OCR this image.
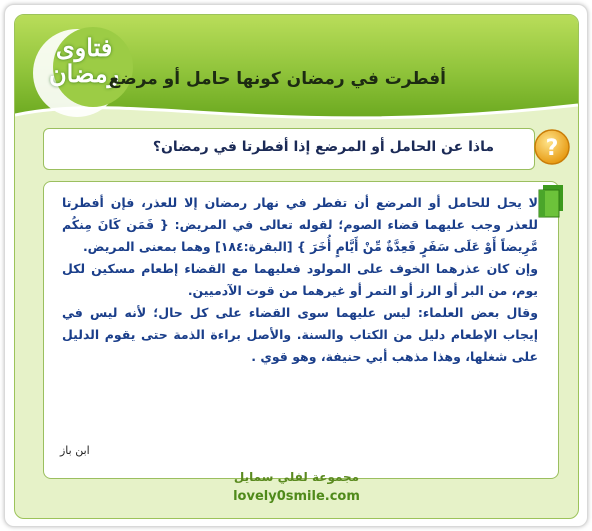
فتاوى
رمضان
أفطرت في رمضان كونها حامل أو مرضع
ماذا عن الحامل أو المرضع إذا أفطرتا في رمضان؟ ?

لا يحل للحامل أو المرضع أن تفطر في نهار رمضان إلا للعذر، فإن أفطرتا للعذر وجب عليهما قضاء الصوم؛ لقوله تعالى في المريض: { فَمَن كَانَ مِنكُم مَّرِيضاً أَوْ عَلَى سَفَرٍ فَعِدَّةٌ مِّنْ أَيَّامٍ أُخَرَ } [البقرة:١٨٤] وهما بمعنى المريض.

وإن كان عذرهما الخوف على المولود فعليهما مع القضاء إطعام مسكين لكل يوم، من البر أو الرز أو التمر أو غيرهما من قوت الآدميين.

وقال بعض العلماء: ليس عليهما سوى القضاء على كل حال؛ لأنه ليس في إيجاب الإطعام دليل من الكتاب والسنة. والأصل براءة الذمة حتى يقوم الدليل على شغلها، وهذا مذهب أبي حنيفة، وهو قوي .

ابن باز
مجموعة لفلي سمايل
lovely0smile.com
